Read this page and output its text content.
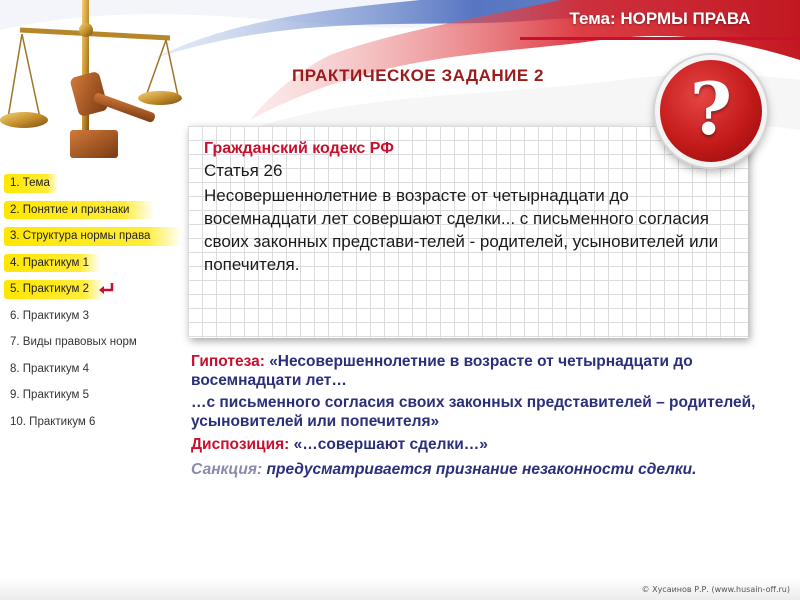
Тема: НОРМЫ ПРАВА
ПРАКТИЧЕСКОЕ ЗАДАНИЕ 2	?
Гражданский кодекс РФ
Статья 26
Несовершеннолетние в возрасте от четырнадцати до восемнадцати лет совершают сделки... с письменного согласия своих законных представи-телей - родителей, усыновителей или попечителя.
1. Тема
2. Понятие и признаки
3. Структура нормы права
4. Практикум 1
5. Практикум 2
6. Практикум 3
7. Виды правовых норм
8. Практикум 4
9. Практикум 5
10. Практикум 6

Гипотеза: «Несовершеннолетние в возрасте от четырнадцати до восемнадцати лет…

…с письменного согласия своих законных представителей – родителей, усыновителей или попечителя»

Диспозиция: «…совершают сделки…»

Санкция: предусматривается признание незаконности сделки.

© Хусаинов Р.Р. (www.husain-off.ru)
